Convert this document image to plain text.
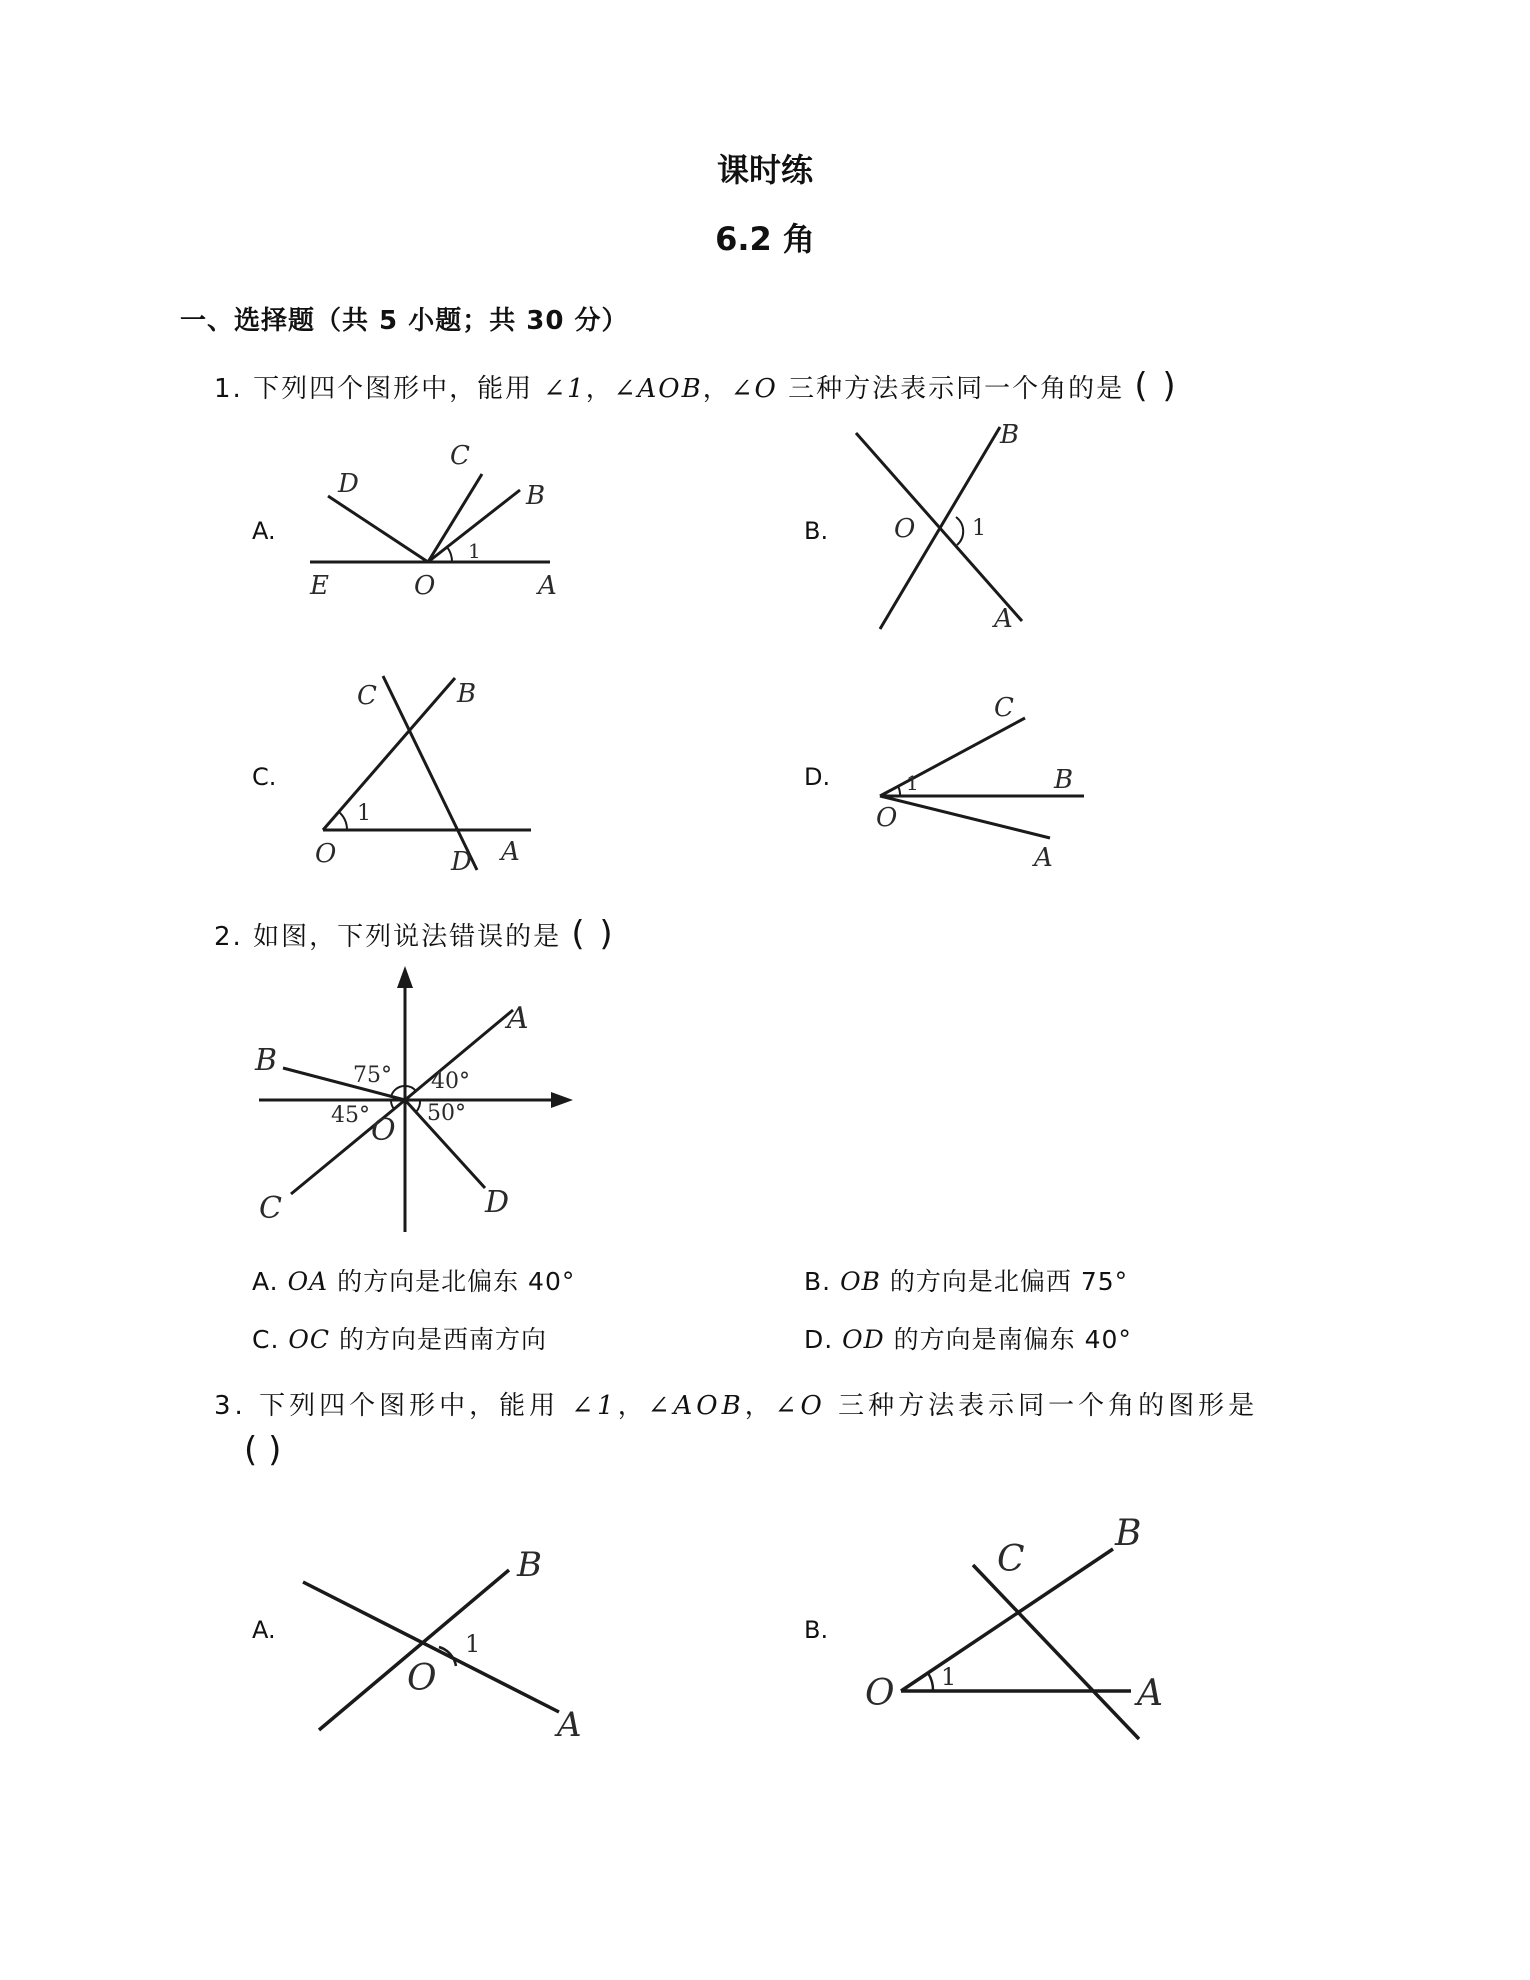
课时练
6.2 角
一、选择题（共 5 小题；共 30 分）
1. 下列四个图形中，能用 ∠1，∠AOB，∠O 三种方法表示同一个角的是 ( )
A.	B.
C.	D.
D
C
B
E	O	A
1
B
O	1
A
C	B
1
O	D A
C
1	B
O
A
2. 如图，下列说法错误的是 ( )
A
B
C	D
O
75° 40°
45°	50°
A. OA 的方向是北偏东 40°	B. OB 的方向是北偏西 75°
C. OC 的方向是西南方向	D. OD 的方向是南偏东 40°
3. 下列四个图形中，能用 ∠1，∠AOB，∠O 三种方法表示同一个角的图形是
( )
A.	B.
B
1
O
A
C
B
1
O	A
